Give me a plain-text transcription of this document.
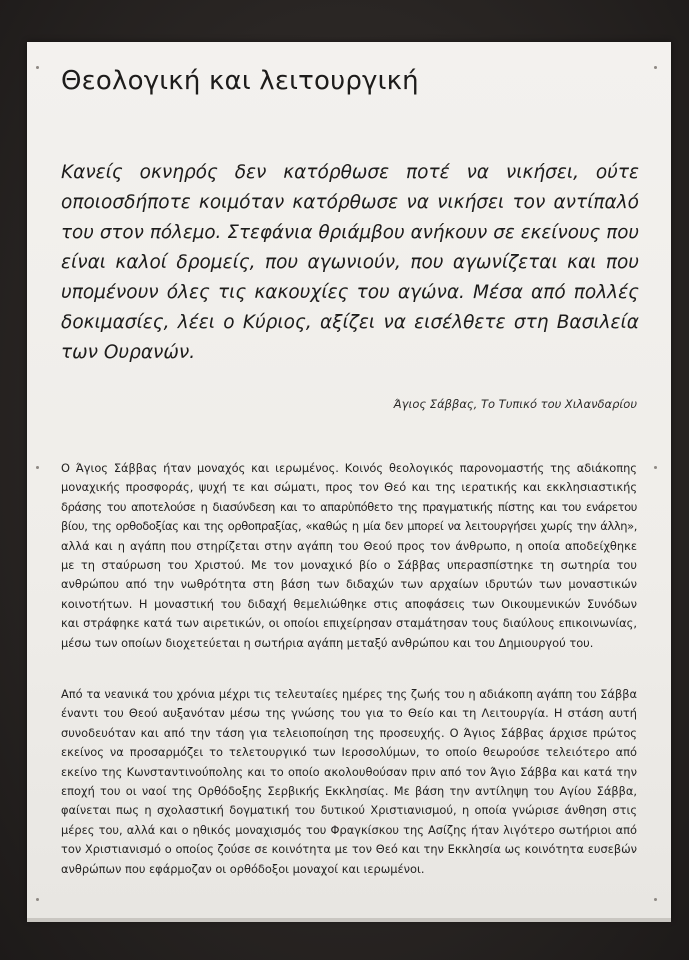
Θεολογική και λειτουργική
Κανείς οκνηρός δεν κατόρθωσε ποτέ να νικήσει, ούτε
οποιοσδήποτε κοιμόταν κατόρθωσε να νικήσει τον αντίπαλό
του στον πόλεμο. Στεφάνια θριάμβου ανήκουν σε εκείνους που
είναι καλοί δρομείς, που αγωνιούν, που αγωνίζεται και που
υπομένουν όλες τις κακουχίες του αγώνα. Μέσα από πολλές
δοκιμασίες, λέει ο Κύριος, αξίζει να εισέλθετε στη Βασιλεία
των Ουρανών.

Άγιος Σάββας, Το Τυπικό του Χιλανδαρίου

Ο Άγιος Σάββας ήταν μοναχός και ιερωμένος. Κοινός θεολογικός παρονομαστής της αδιάκοπης
μοναχικής προσφοράς, ψυχή τε και σώματι, προς τον Θεό και της ιερατικής και εκκλησιαστικής
δράσης του αποτελούσε η διασύνδεση και το απαρὑπόθετο της πραγματικής πίστης και του ενάρετου
βίου, της ορθοδοξίας και της ορθοπραξίας, «καθώς η μία δεν μπορεί να λειτουργήσει χωρίς την άλλη»,
αλλά και η αγάπη που στηρίζεται στην αγάπη του Θεού προς τον άνθρωπο, η οποία αποδείχθηκε
με τη σταύρωση του Χριστού. Με τον μοναχικό βίο ο Σάββας υπερασπίστηκε τη σωτηρία του
ανθρώπου από την νωθρότητα στη βάση των διδαχών των αρχαίων ιδρυτών των μοναστικών
κοινοτήτων. Η μοναστική του διδαχή θεμελιώθηκε στις αποφάσεις των Οικουμενικών Συνόδων
και στράφηκε κατά των αιρετικών, οι οποίοι επιχείρησαν σταμάτησαν τους διαύλους επικοινωνίας,
μέσω των οποίων διοχετεύεται η σωτήρια αγάπη μεταξύ ανθρώπου και του Δημιουργού του.
Από τα νεανικά του χρόνια μέχρι τις τελευταίες ημέρες της ζωής του η αδιάκοπη αγάπη του Σάββα
έναντι του Θεού αυξανόταν μέσω της γνώσης του για το Θείο και τη Λειτουργία. Η στάση αυτή
συνοδευόταν και από την τάση για τελειοποίηση της προσευχής. Ο Άγιος Σάββας άρχισε πρώτος
εκείνος να προσαρμόζει το τελετουργικό των Ιεροσολύμων, το οποίο θεωρούσε τελειότερο από
εκείνο της Κωνσταντινούπολης και το οποίο ακολουθούσαν πριν από τον Άγιο Σάββα και κατά την
εποχή του οι ναοί της Ορθόδοξης Σερβικής Εκκλησίας. Με βάση την αντίληψη του Αγίου Σάββα,
φαίνεται πως η σχολαστική δογματική του δυτικού Χριστιανισμού, η οποία γνώρισε άνθηση στις
μέρες του, αλλά και ο ηθικός μοναχισμός του Φραγκίσκου της Ασίζης ήταν λιγότερο σωτήριοι από
τον Χριστιανισμό ο οποίος ζούσε σε κοινότητα με τον Θεό και την Εκκλησία ως κοινότητα ευσεβών
ανθρώπων που εφάρμοζαν οι ορθόδοξοι μοναχοί και ιερωμένοι.
